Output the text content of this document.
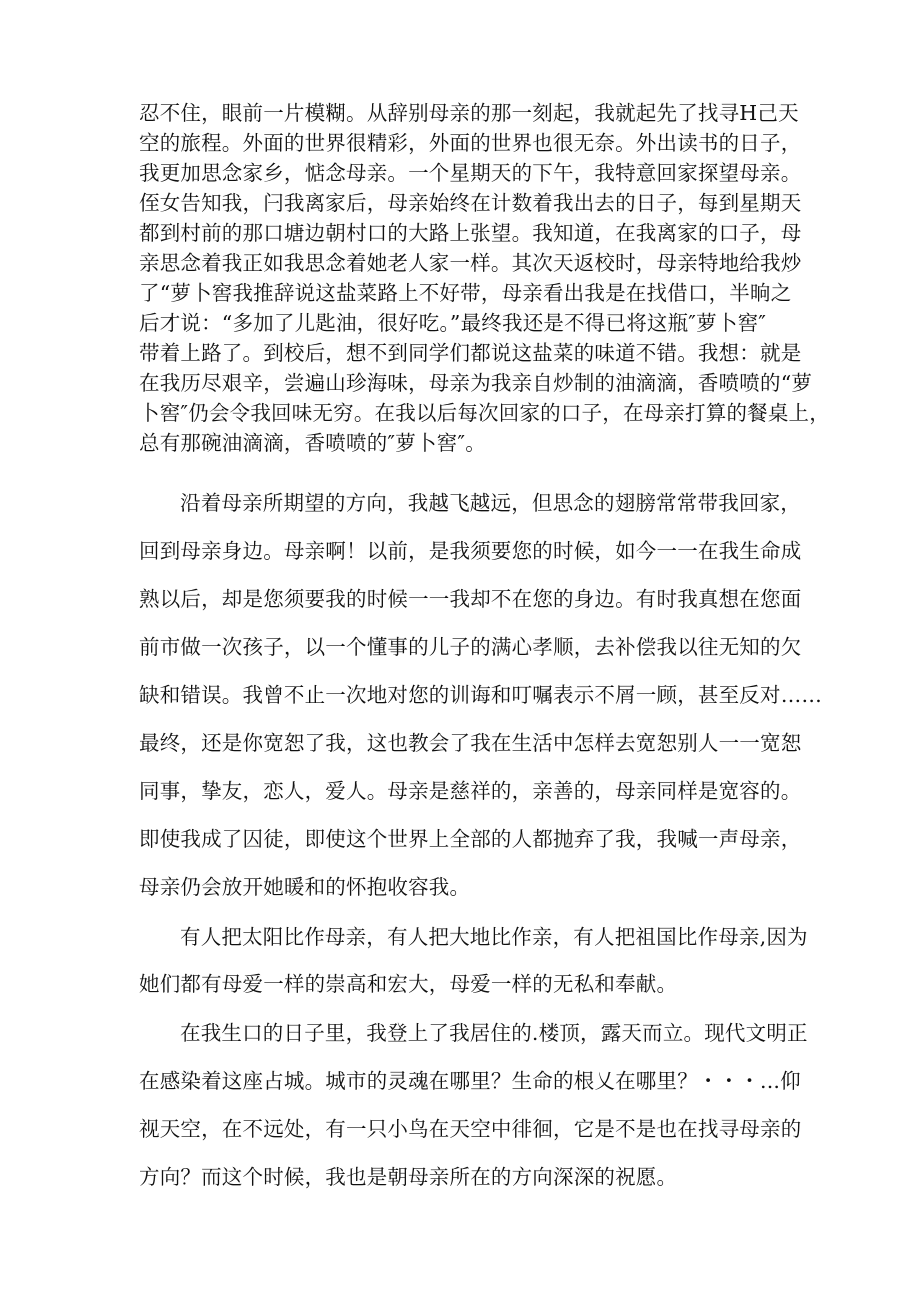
忍不住，眼前一片模糊。从辞别母亲的那一刻起，我就起先了找寻H己天
空的旅程。外面的世界很精彩，外面的世界也很无奈。外出读书的日子，
我更加思念家乡，惦念母亲。一个星期天的下午，我特意回家探望母亲。
侄女告知我，闩我离家后，母亲始终在计数着我出去的日子，每到星期天
都到村前的那口塘边朝村口的大路上张望。我知道，在我离家的口子，母
亲思念着我正如我思念着她老人家一样。其次天返校时，母亲特地给我炒
了“萝卜窖我推辞说这盐菜路上不好带，母亲看出我是在找借口，半晌之
后才说：“多加了儿匙油，很好吃。”最终我还是不得已将这瓶″萝卜窖″
带着上路了。到校后，想不到同学们都说这盐菜的味道不错。我想：就是
在我历尽艰辛，尝遍山珍海味，母亲为我亲自炒制的油滴滴，香喷喷的“萝
卜窖″仍会令我回味无穷。在我以后每次回家的口子，在母亲打算的餐桌上，
总有那碗油滴滴，香喷喷的″萝卜窖″。
沿着母亲所期望的方向，我越飞越远，但思念的翅膀常常带我回家，
回到母亲身边。母亲啊！以前，是我须要您的时候，如今一一在我生命成
熟以后，却是您须要我的时候一一我却不在您的身边。有时我真想在您面
前市做一次孩子，以一个懂事的儿子的满心孝顺，去补偿我以往无知的欠
缺和错误。我曾不止一次地对您的训诲和叮嘱表示不屑一顾，甚至反对……
最终，还是你宽恕了我，这也教会了我在生活中怎样去宽恕别人一一宽恕
同事，挚友，恋人，爱人。母亲是慈祥的，亲善的，母亲同样是宽容的。
即使我成了囚徒，即使这个世界上全部的人都抛弃了我，我喊一声母亲，
母亲仍会放开她暖和的怀抱收容我。
有人把太阳比作母亲，有人把大地比作亲，有人把祖国比作母亲,因为
她们都有母爱一样的崇高和宏大，母爱一样的无私和奉献。
在我生口的日子里，我登上了我居住的.楼顶，露天而立。现代文明正
在感染着这座占城。城市的灵魂在哪里？生命的根乂在哪里？・・・...仰
视天空，在不远处，有一只小鸟在天空中徘徊，它是不是也在找寻母亲的
方向？而这个时候，我也是朝母亲所在的方向深深的祝愿。
